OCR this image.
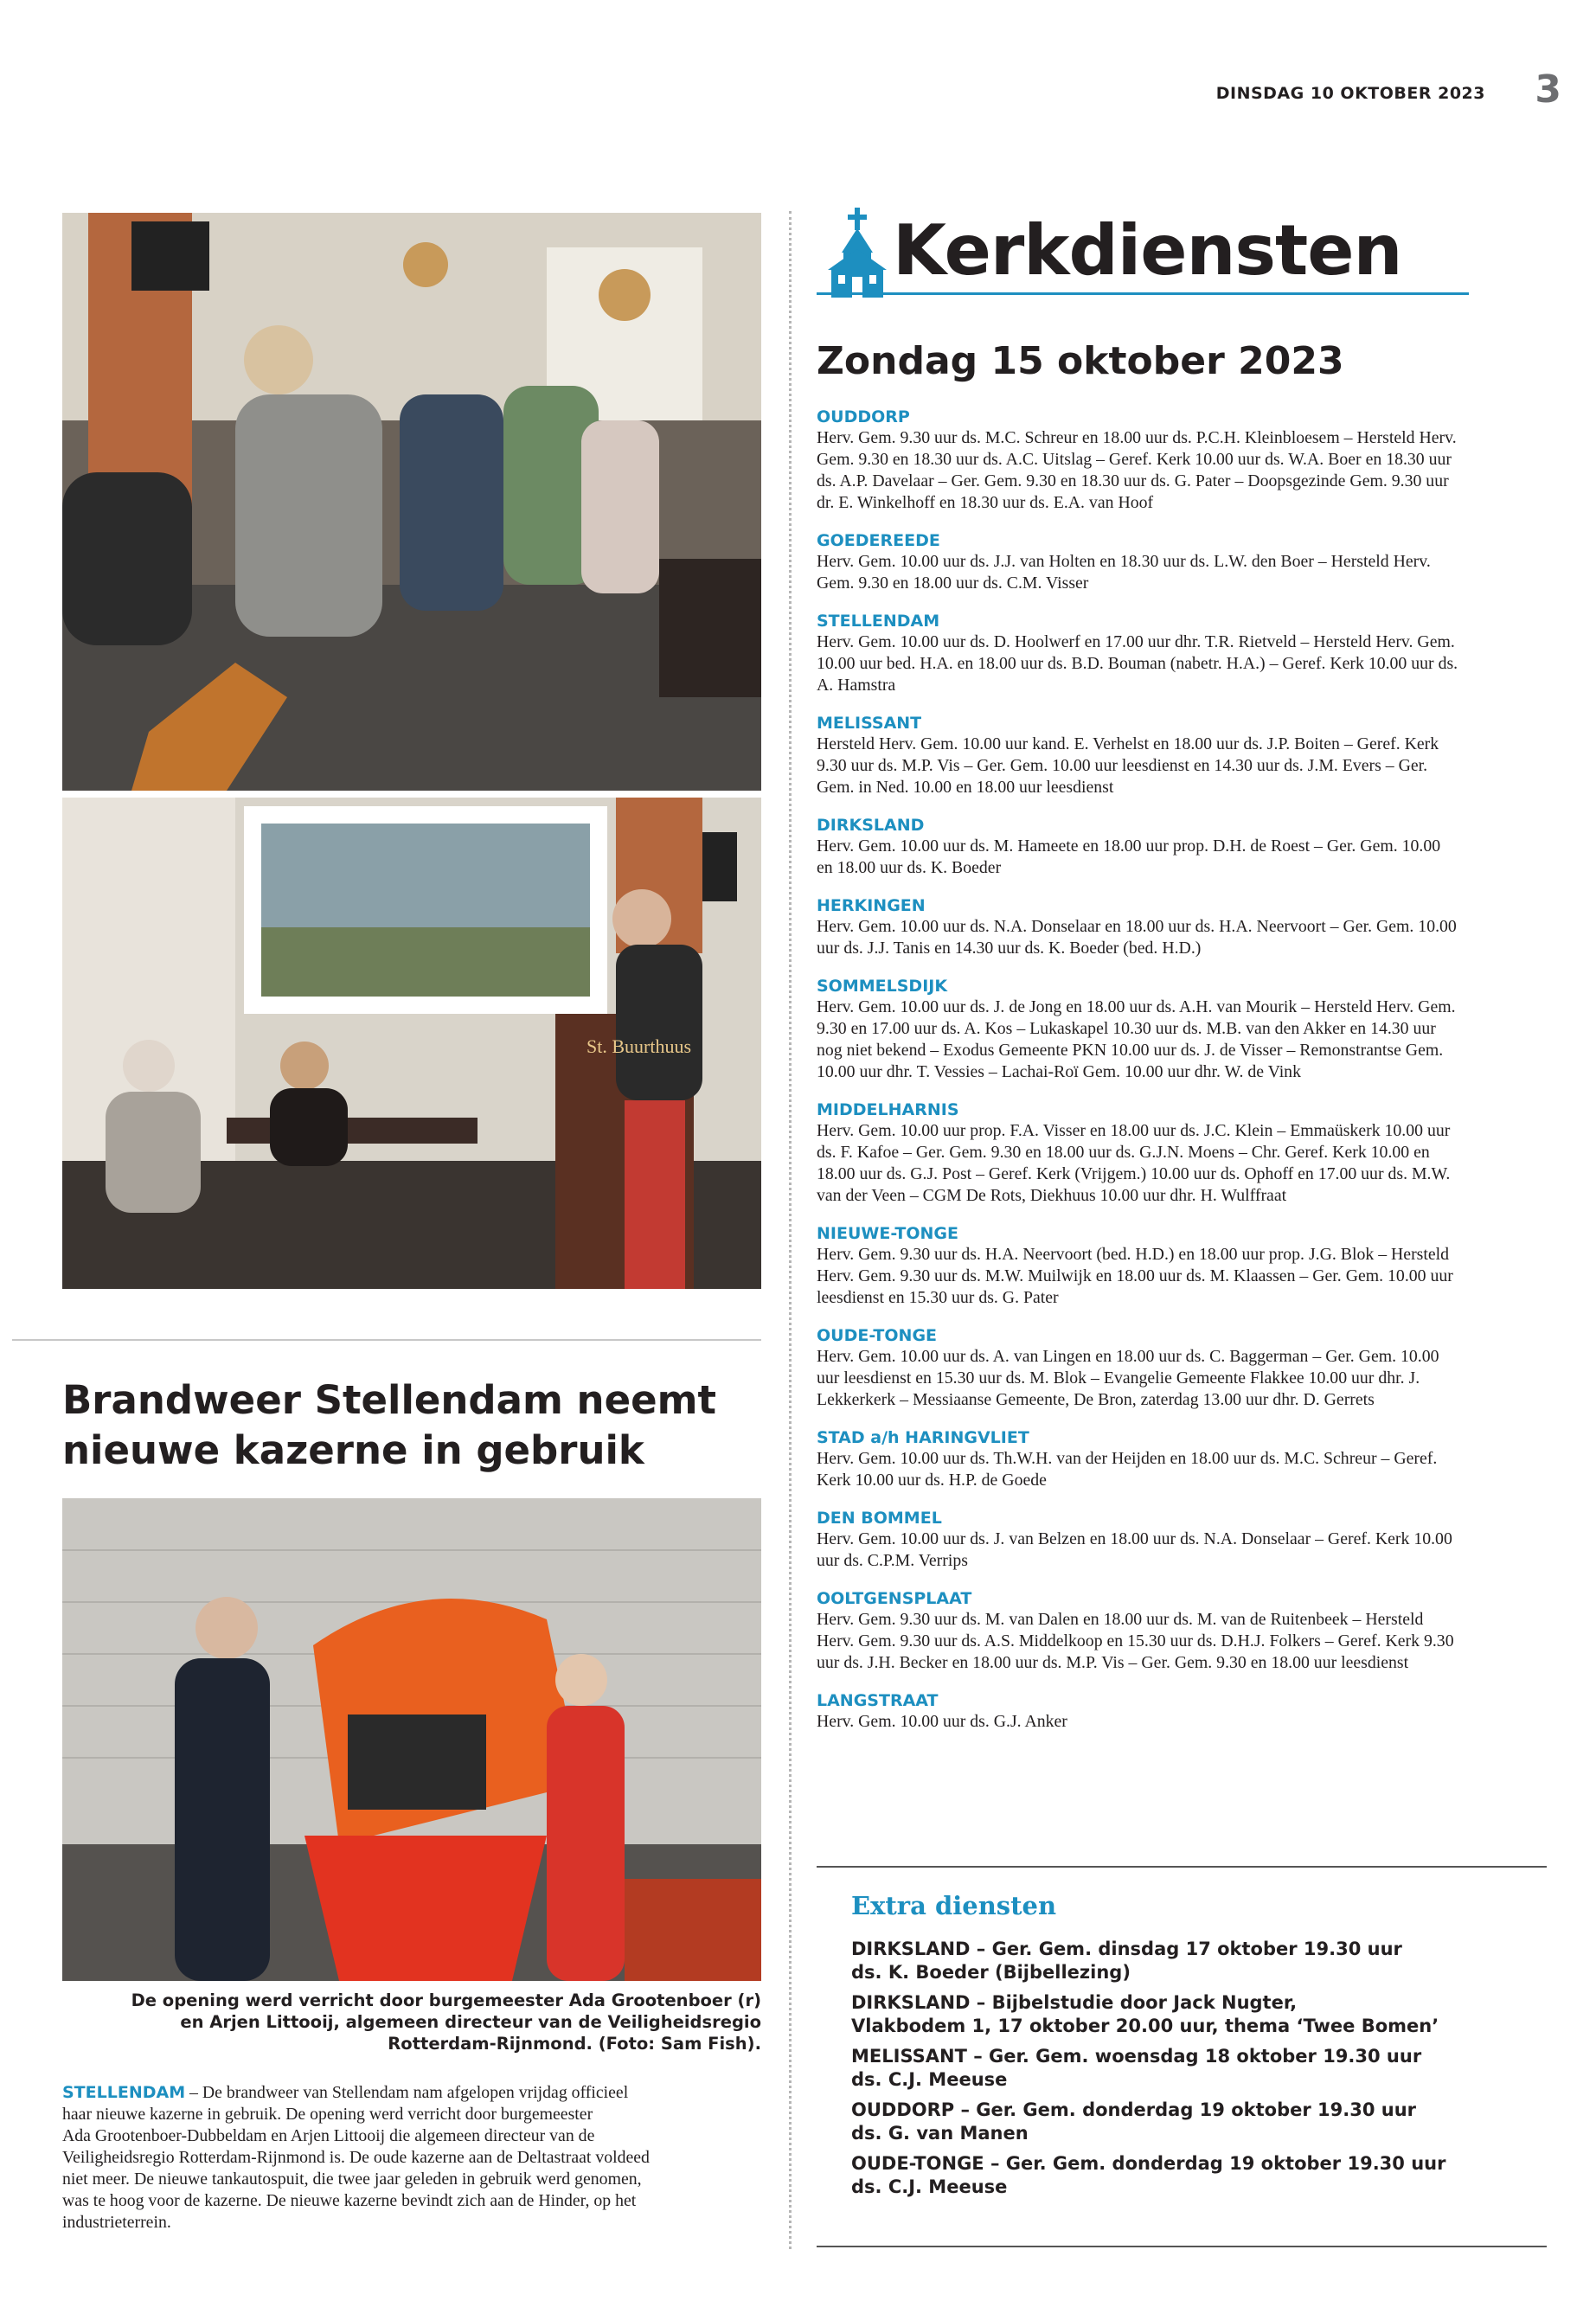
DINSDAG 10 OKTOBER 2023 3
St. Buurthuus
Brandweer Stellendam neemt
nieuwe kazerne in gebruik
De opening werd verricht door burgemeester Ada Grootenboer (r)
en Arjen Littooij, algemeen directeur van de Veiligheidsregio
Rotterdam-Rijnmond. (Foto: Sam Fish).
STELLENDAM – De brandweer van Stellendam nam afgelopen vrijdag officieel
haar nieuwe kazerne in gebruik. De opening werd verricht door burgemeester
Ada Grootenboer-Dubbeldam en Arjen Littooij die algemeen directeur van de
Veiligheidsregio Rotterdam-Rijnmond is. De oude kazerne aan de Deltastraat voldeed
niet meer. De nieuwe tankautospuit, die twee jaar geleden in gebruik werd genomen,
was te hoog voor de kazerne. De nieuwe kazerne bevindt zich aan de Hinder, op het
industrieterrein.
Kerkdiensten
Zondag 15 oktober 2023
OUDDORP
Herv. Gem. 9.30 uur ds. M.C. Schreur en 18.00 uur ds. P.C.H. Kleinbloesem – Hersteld Herv.
Gem. 9.30 en 18.30 uur ds. A.C. Uitslag – Geref. Kerk 10.00 uur ds. W.A. Boer en 18.30 uur
ds. A.P. Davelaar – Ger. Gem. 9.30 en 18.30 uur ds. G. Pater – Doopsgezinde Gem. 9.30 uur
dr. E. Winkelhoff en 18.30 uur ds. E.A. van Hoof
GOEDEREEDE
Herv. Gem. 10.00 uur ds. J.J. van Holten en 18.30 uur ds. L.W. den Boer – Hersteld Herv.
Gem. 9.30 en 18.00 uur ds. C.M. Visser
STELLENDAM
Herv. Gem. 10.00 uur ds. D. Hoolwerf en 17.00 uur dhr. T.R. Rietveld – Hersteld Herv. Gem.
10.00 uur bed. H.A. en 18.00 uur ds. B.D. Bouman (nabetr. H.A.) – Geref. Kerk 10.00 uur ds.
A. Hamstra
MELISSANT
Hersteld Herv. Gem. 10.00 uur kand. E. Verhelst en 18.00 uur ds. J.P. Boiten – Geref. Kerk
9.30 uur ds. M.P. Vis – Ger. Gem. 10.00 uur leesdienst en 14.30 uur ds. J.M. Evers – Ger.
Gem. in Ned. 10.00 en 18.00 uur leesdienst
DIRKSLAND
Herv. Gem. 10.00 uur ds. M. Hameete en 18.00 uur prop. D.H. de Roest – Ger. Gem. 10.00
en 18.00 uur ds. K. Boeder
HERKINGEN
Herv. Gem. 10.00 uur ds. N.A. Donselaar en 18.00 uur ds. H.A. Neervoort – Ger. Gem. 10.00
uur ds. J.J. Tanis en 14.30 uur ds. K. Boeder (bed. H.D.)
SOMMELSDIJK
Herv. Gem. 10.00 uur ds. J. de Jong en 18.00 uur ds. A.H. van Mourik – Hersteld Herv. Gem.
9.30 en 17.00 uur ds. A. Kos – Lukaskapel 10.30 uur ds. M.B. van den Akker en 14.30 uur
nog niet bekend – Exodus Gemeente PKN 10.00 uur ds. J. de Visser – Remonstrantse Gem.
10.00 uur dhr. T. Vessies – Lachai-Roï Gem. 10.00 uur dhr. W. de Vink
MIDDELHARNIS
Herv. Gem. 10.00 uur prop. F.A. Visser en 18.00 uur ds. J.C. Klein – Emmaüskerk 10.00 uur
ds. F. Kafoe – Ger. Gem. 9.30 en 18.00 uur ds. G.J.N. Moens – Chr. Geref. Kerk 10.00 en
18.00 uur ds. G.J. Post – Geref. Kerk (Vrijgem.) 10.00 uur ds. Ophoff en 17.00 uur ds. M.W.
van der Veen – CGM De Rots, Diekhuus 10.00 uur dhr. H. Wulffraat
NIEUWE-TONGE
Herv. Gem. 9.30 uur ds. H.A. Neervoort (bed. H.D.) en 18.00 uur prop. J.G. Blok – Hersteld
Herv. Gem. 9.30 uur ds. M.W. Muilwijk en 18.00 uur ds. M. Klaassen – Ger. Gem. 10.00 uur
leesdienst en 15.30 uur ds. G. Pater
OUDE-TONGE
Herv. Gem. 10.00 uur ds. A. van Lingen en 18.00 uur ds. C. Baggerman – Ger. Gem. 10.00
uur leesdienst en 15.30 uur ds. M. Blok – Evangelie Gemeente Flakkee 10.00 uur dhr. J.
Lekkerkerk – Messiaanse Gemeente, De Bron, zaterdag 13.00 uur dhr. D. Gerrets
STAD a/h HARINGVLIET
Herv. Gem. 10.00 uur ds. Th.W.H. van der Heijden en 18.00 uur ds. M.C. Schreur – Geref.
Kerk 10.00 uur ds. H.P. de Goede
DEN BOMMEL
Herv. Gem. 10.00 uur ds. J. van Belzen en 18.00 uur ds. N.A. Donselaar – Geref. Kerk 10.00
uur ds. C.P.M. Verrips
OOLTGENSPLAAT
Herv. Gem. 9.30 uur ds. M. van Dalen en 18.00 uur ds. M. van de Ruitenbeek – Hersteld
Herv. Gem. 9.30 uur ds. A.S. Middelkoop en 15.30 uur ds. D.H.J. Folkers – Geref. Kerk 9.30
uur ds. J.H. Becker en 18.00 uur ds. M.P. Vis – Ger. Gem. 9.30 en 18.00 uur leesdienst
LANGSTRAAT
Herv. Gem. 10.00 uur ds. G.J. Anker
Extra diensten
DIRKSLAND – Ger. Gem. dinsdag 17 oktober 19.30 uur
ds. K. Boeder (Bijbellezing)
DIRKSLAND – Bijbelstudie door Jack Nugter,
Vlakbodem 1, 17 oktober 20.00 uur, thema ‘Twee Bomen’
MELISSANT – Ger. Gem. woensdag 18 oktober 19.30 uur
ds. C.J. Meeuse
OUDDORP – Ger. Gem. donderdag 19 oktober 19.30 uur
ds. G. van Manen
OUDE-TONGE – Ger. Gem. donderdag 19 oktober 19.30 uur
ds. C.J. Meeuse
